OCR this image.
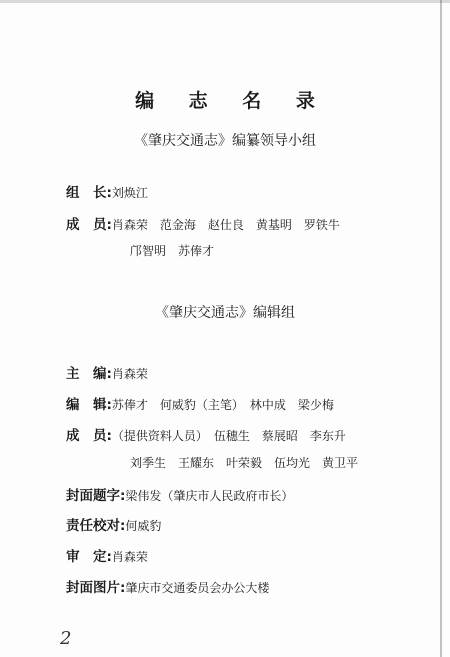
编 志 名 录
《肇庆交通志》编纂领导小组
组　长:刘焕江
成　员:肖森荣　范金海　赵仕良　黄基明　罗铁牛
邝智明　苏俸才
《肇庆交通志》编辑组
主　编:肖森荣
编　辑:苏俸才　何威豹（主笔）　林中成　梁少梅
成　员:（提供资料人员）　伍穗生　蔡展昭　李东升
刘季生　王耀东　叶荣毅　伍均光　黄卫平
封面题字:梁伟发（肇庆市人民政府市长）
责任校对:何威豹
审　定:肖森荣
封面图片:肇庆市交通委员会办公大楼
2
